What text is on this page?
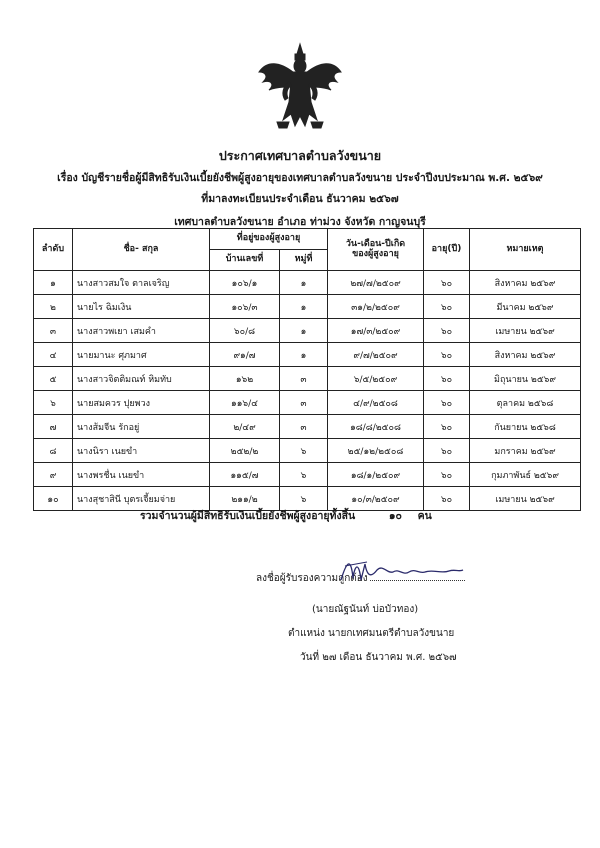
ประกาศเทศบาลตำบลวังขนาย
เรื่อง บัญชีรายชื่อผู้มีสิทธิรับเงินเบี้ยยังชีพผู้สูงอายุของเทศบาลตำบลวังขนาย ประจำปีงบประมาณ พ.ศ. ๒๕๖๙
ที่มาลงทะเบียนประจำเดือน ธันวาคม ๒๕๖๗
เทศบาลตำบลวังขนาย อำเภอ ท่าม่วง จังหวัด กาญจนบุรี
ลำดับ	ชื่อ- สกุล	ที่อยู่ของผู้สูงอายุ		วัน-เดือน-ปีเกิด
ของผู้สูงอายุ	อายุ(ปี)	หมายเหตุ
		บ้านเลขที่	หมู่ที่			
๑	นางสาวสมใจ ตาลเจริญ	๑๐๖/๑	๑	๒๗/๗/๒๕๐๙	๖๐	สิงหาคม ๒๕๖๙
๒	นายไร ฉิมเงิน	๑๐๖/๓	๑	๓๑/๒/๒๕๐๙	๖๐	มีนาคม ๒๕๖๙
๓	นางสาวพเยา เสมคำ	๖๐/๘	๑	๑๗/๓/๒๕๐๙	๖๐	เมษายน ๒๕๖๙
๔	นายมานะ ศุภมาศ	๙๑/๗	๑	๙/๗/๒๕๐๙	๖๐	สิงหาคม ๒๕๖๙
๕	นางสาวจิตติมณท์ หิมทับ	๑๖๒	๓	๖/๕/๒๕๐๙	๖๐	มิถุนายน ๒๕๖๙
๖	นายสมควร ปุยพวง	๑๑๖/๔	๓	๔/๙/๒๕๐๘	๖๐	ตุลาคม ๒๕๖๘
๗	นางส้มจีน รักอยู่	๒/๔๙	๓	๑๘/๘/๒๕๐๘	๖๐	กันยายน ๒๕๖๘
๘	นางนิรา เนยขำ	๒๕๒/๒	๖	๒๕/๑๒/๒๕๐๘	๖๐	มกราคม ๒๕๖๙
๙	นางพรชื่น เนยขำ	๑๑๕/๗	๖	๑๘/๑/๒๕๐๙	๖๐	กุมภาพันธ์ ๒๕๖๙
๑๐	นางสุชาสินี บุตรเจี้ยมจ่าย	๒๑๑/๒	๖	๑๐/๓/๒๕๐๙	๖๐	เมษายน ๒๕๖๙
รวมจำนวนผู้มีสิทธิรับเงินเบี้ยยังชีพผู้สูงอายุทั้งสิ้น	๑๐ คน
ลงชื่อผู้รับรองความถูกต้อง
(นายณัฐนันท์ บ่อบัวทอง)
ตำแหน่ง นายกเทศมนตรีตำบลวังขนาย
วันที่ ๒๗ เดือน ธันวาคม พ.ศ. ๒๕๖๗
